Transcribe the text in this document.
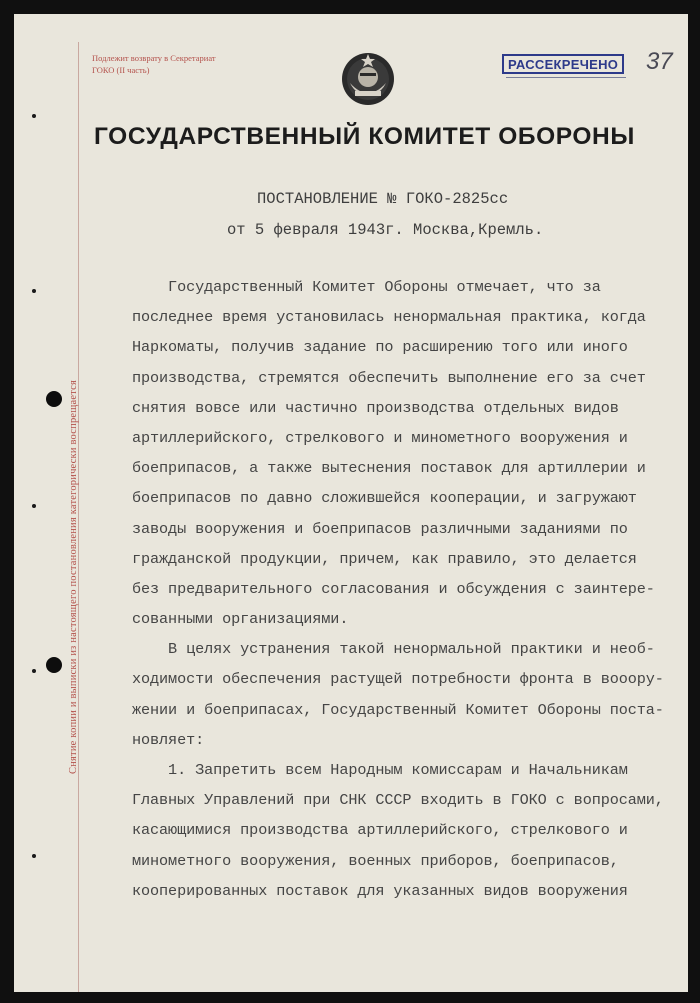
Снятие копии и выписки из настоящего постановления категорически воспрещается
Подлежит возврату в Секретариат
ГОКО (II часть)	РАССЕКРЕЧЕНО 37
ГОСУДАРСТВЕННЫЙ КОМИТЕТ ОБОРОНЫ
ПОСТАНОВЛЕНИЕ № ГОКО-2825сс
от 5 февраля 1943г. Москва,Кремль.
Государственный Комитет Обороны отмечает, что за
последнее время установилась ненормальная практика, когда
Наркоматы, получив задание по расширению того или иного
производства, стремятся обеспечить выполнение его за счет
снятия вовсе или частично производства отдельных видов
артиллерийского, стрелкового и минометного вооружения и
боеприпасов, а также вытеснения поставок для артиллерии и
боеприпасов по давно сложившейся кооперации, и загружают
заводы вооружения и боеприпасов различными заданиями по
гражданской продукции, причем, как правило, это делается
без предварительного согласования и обсуждения с заинтере-
сованными организациями.
В целях устранения такой ненормальной практики и необ-
ходимости обеспечения растущей потребности фронта в вооору-
жении и боеприпасах, Государственный Комитет Обороны поста-
новляет:
1. Запретить всем Народным комиссарам и Начальникам
Главных Управлений при СНК СССР входить в ГОКО с вопросами,
касающимися производства артиллерийского, стрелкового и
минометного вооружения, военных приборов, боеприпасов,
кооперированных поставок для указанных видов вооружения
